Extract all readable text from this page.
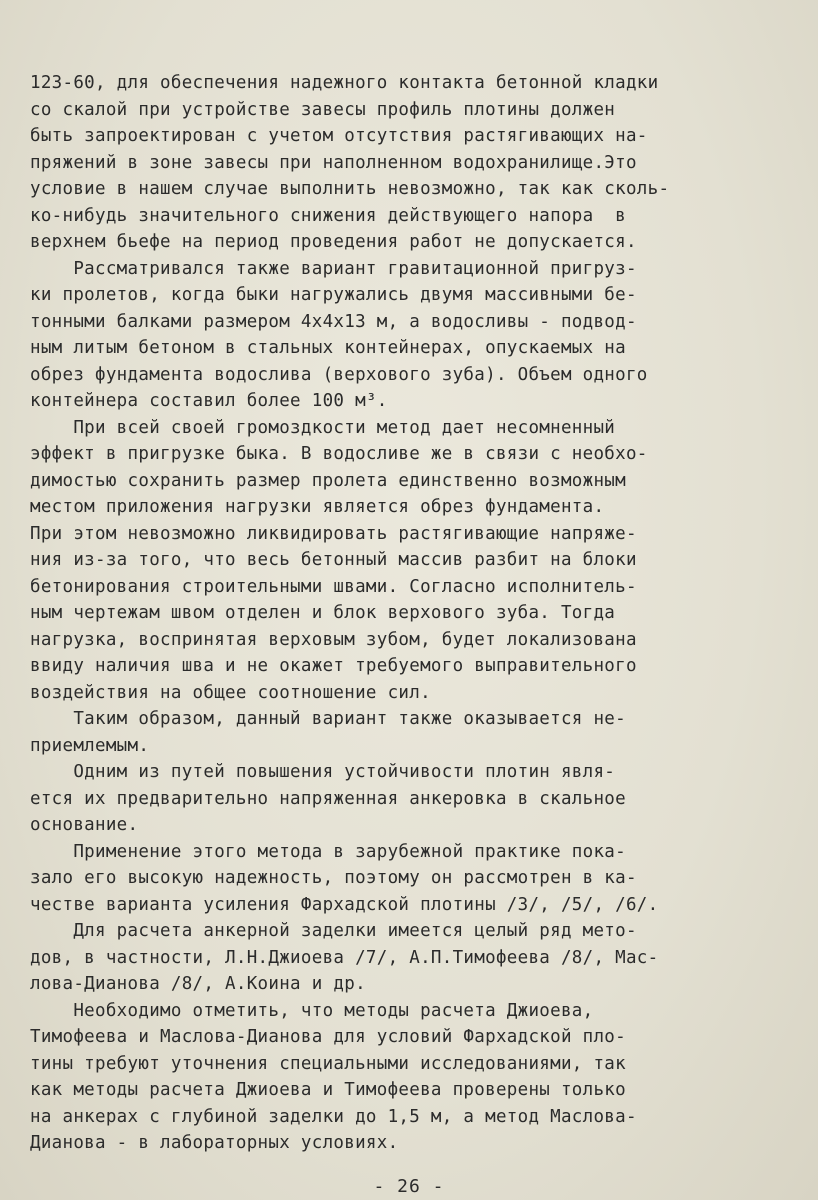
123-60, для обеспечения надежного контакта бетонной кладки
со скалой при устройстве завесы профиль плотины должен
быть запроектирован с учетом отсутствия растягивающих на-
пряжений в зоне завесы при наполненном водохранилище.Это
условие в нашем случае выполнить невозможно, так как сколь-
ко-нибудь значительного снижения действующего напора  в
верхнем бьефе на период проведения работ не допускается.
Рассматривался также вариант гравитационной пригруз-
ки пролетов, когда быки нагружались двумя массивными бе-
тонными балками размером 4х4х13 м, а водосливы - подвод-
ным литым бетоном в стальных контейнерах, опускаемых на
обрез фундамента водослива (верхового зуба). Объем одного
контейнера составил более 100 м³.
При всей своей громоздкости метод дает несомненный
эффект в пригрузке быка. В водосливе же в связи с необхо-
димостью сохранить размер пролета единственно возможным
местом приложения нагрузки является обрез фундамента.
При этом невозможно ликвидировать растягивающие напряже-
ния из-за того, что весь бетонный массив разбит на блоки
бетонирования строительными швами. Согласно исполнитель-
ным чертежам швом отделен и блок верхового зуба. Тогда
нагрузка, воспринятая верховым зубом, будет локализована
ввиду наличия шва и не окажет требуемого выправительного
воздействия на общее соотношение сил.
Таким образом, данный вариант также оказывается не-
приемлемым.
Одним из путей повышения устойчивости плотин явля-
ется их предварительно напряженная анкеровка в скальное
основание.
Применение этого метода в зарубежной практике пока-
зало его высокую надежность, поэтому он рассмотрен в ка-
честве варианта усиления Фархадской плотины /3/, /5/, /6/.
Для расчета анкерной заделки имеется целый ряд мето-
дов, в частности, Л.Н.Джиоева /7/, А.П.Тимофеева /8/, Мас-
лова-Дианова /8/, А.Коина и др.
Необходимо отметить, что методы расчета Джиоева,
Тимофеева и Маслова-Дианова для условий Фархадской пло-
тины требуют уточнения специальными исследованиями, так
как методы расчета Джиоева и Тимофеева проверены только
на анкерах с глубиной заделки до 1,5 м, а метод Маслова-
Дианова - в лабораторных условиях.
- 26 -
